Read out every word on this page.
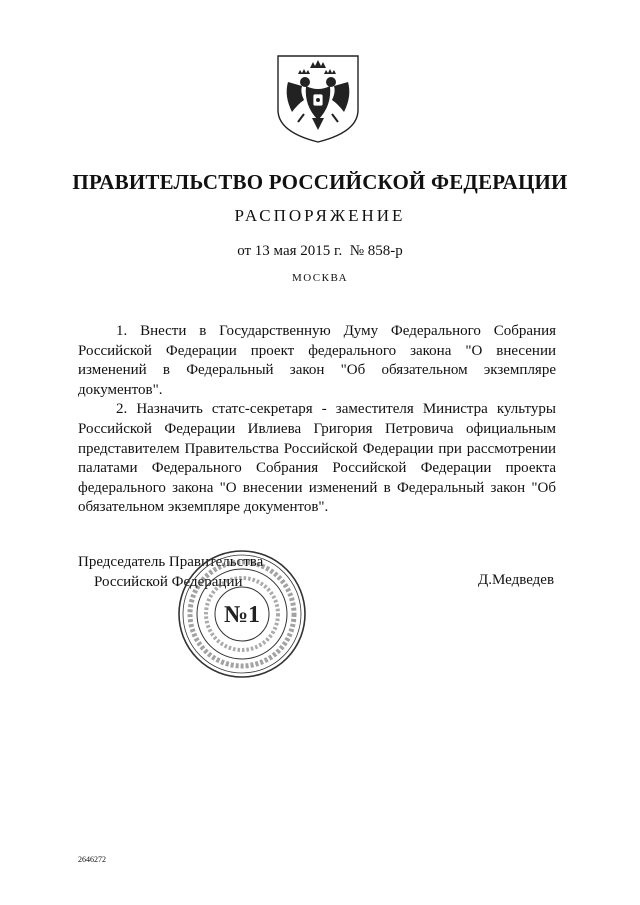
ПРАВИТЕЛЬСТВО РОССИЙСКОЙ ФЕДЕРАЦИИ
РАСПОРЯЖЕНИЕ
от 13 мая 2015 г.  № 858-р
МОСКВА

1. Внести в Государственную Думу Федерального Собрания Российской Федерации проект федерального закона "О внесении изменений в Федеральный закон "Об обязательном экземпляре документов".

2. Назначить статс-секретаря - заместителя Министра культуры Российской Федерации Ивлиева Григория Петровича официальным представителем Правительства Российской Федерации при рассмотрении палатами Федерального Собрания Российской Федерации проекта федерального закона "О внесении изменений в Федеральный закон "Об обязательном экземпляре документов".

Председатель Правительства
Российской Федерации
№1
Д.Медведев
2646272
